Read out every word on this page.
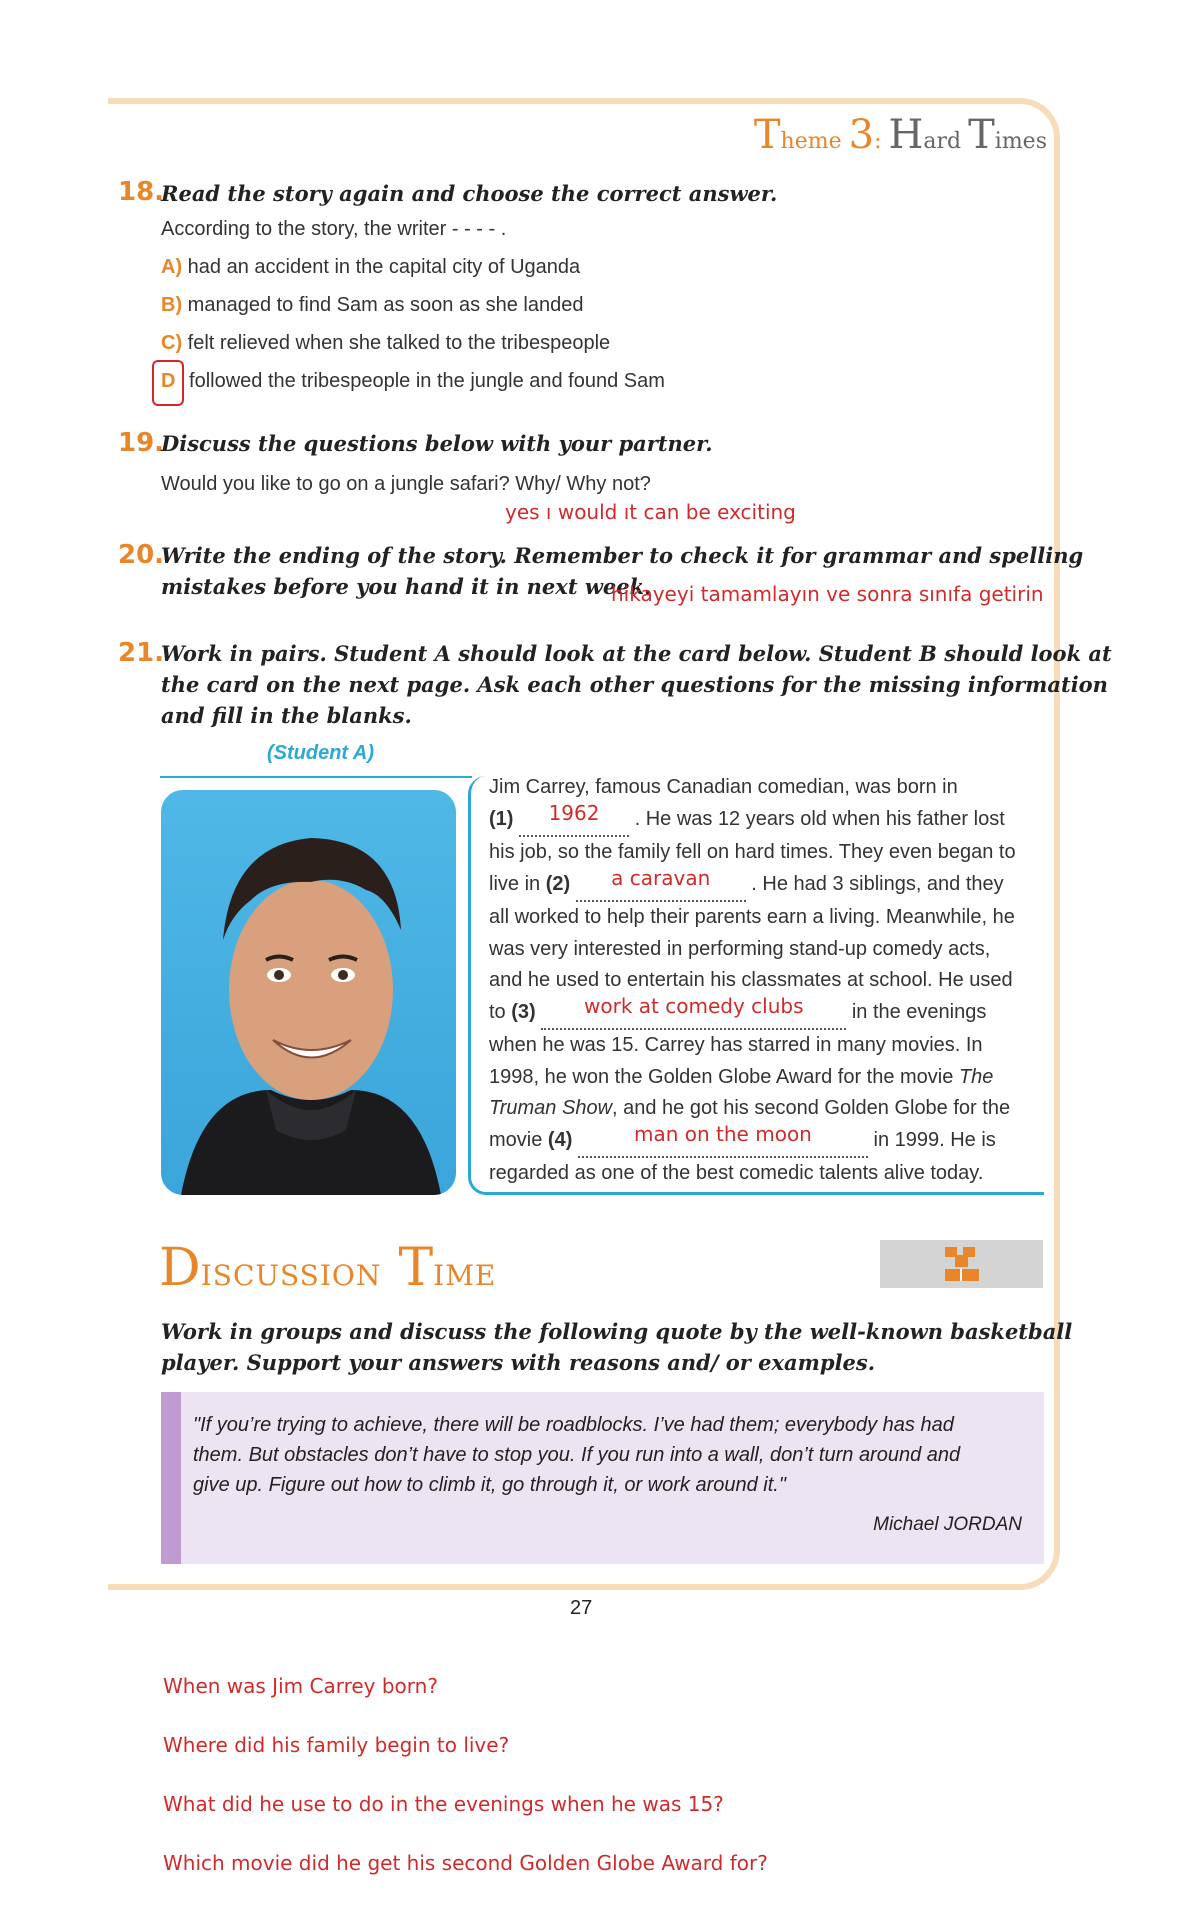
Theme 3: Hard Times
18.
Read the story again and choose the correct answer.
According to the story, the writer - - - - .
A) had an accident in the capital city of Uganda
B) managed to find Sam as soon as she landed
C) felt relieved when she talked to the tribespeople
D followed the tribespeople in the jungle and found Sam
19.
Discuss the questions below with your partner.
Would you like to go on a jungle safari? Why/ Why not?
yes ı would ıt can be exciting
20.
Write the ending of the story. Remember to check it for grammar and spelling
mistakes before you hand it in next week.
hikayeyi tamamlayın ve sonra sınıfa getirin
21.
Work in pairs. Student A should look at the card below. Student B should look at
the card on the next page. Ask each other questions for the missing information
and fill in the blanks.
(Student A)
Jim Carrey, famous Canadian comedian, was born in
(1)	1962	. He was 12 years old when his father lost
his job, so the family fell on hard times. They even began to
live in (2)	a caravan	. He had 3 siblings, and they
all worked to help their parents earn a living. Meanwhile, he
was very interested in performing stand-up comedy acts,
and he used to entertain his classmates at school. He used
to (3)	work at comedy clubs	in the evenings
when he was 15. Carrey has starred in many movies. In
1998, he won the Golden Globe Award for the movie The
Truman Show, and he got his second Golden Globe for the
movie (4)	man on the moon	in 1999. He is
regarded as one of the best comedic talents alive today.
DISCUSSION TIME
Work in groups and discuss the following quote by the well-known basketball
player. Support your answers with reasons and/ or examples.
"If you’re trying to achieve, there will be roadblocks. I’ve had them; everybody has had
them. But obstacles don’t have to stop you. If you run into a wall, don’t turn around and
give up. Figure out how to climb it, go through it, or work around it."
Michael JORDAN
27
When was Jim Carrey born?
Where did his family begin to live?
What did he use to do in the evenings when he was 15?
Which movie did he get his second Golden Globe Award for?
